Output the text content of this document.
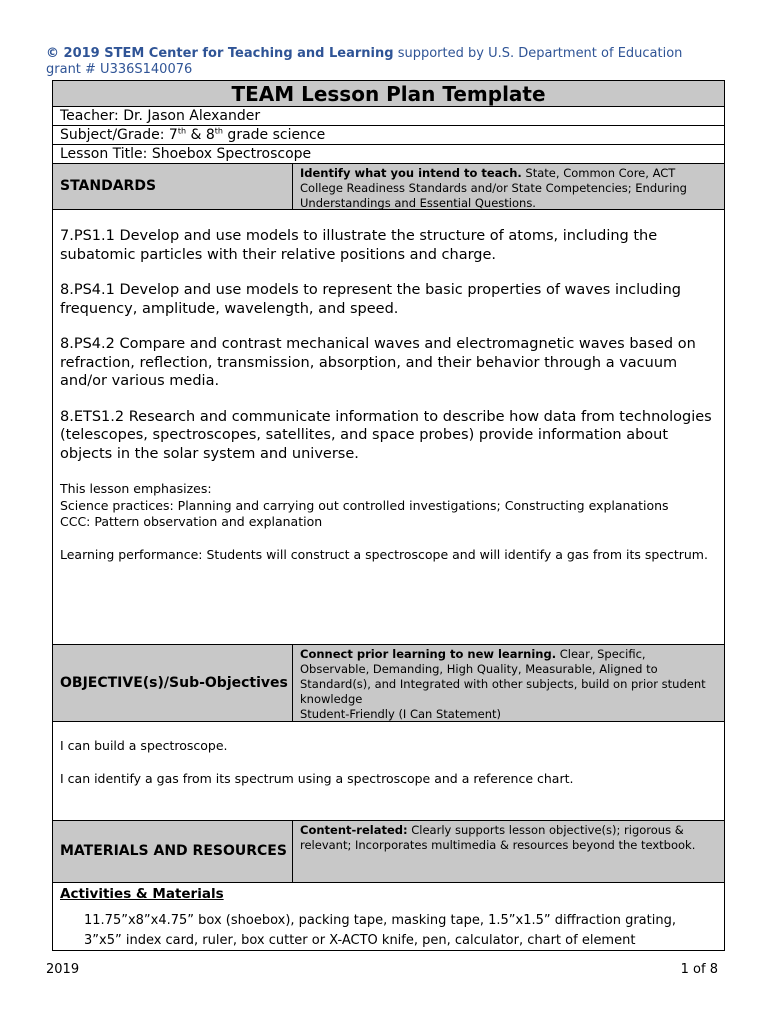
© 2019 STEM Center for Teaching and Learning supported by U.S. Department of Education grant # U336S140076
TEAM Lesson Plan Template
Teacher: Dr. Jason Alexander
Subject/Grade: 7th & 8th grade science
Lesson Title: Shoebox Spectroscope
STANDARDS
Identify what you intend to teach. State, Common Core, ACT College Readiness Standards and/or State Competencies; Enduring Understandings and Essential Questions.

7.PS1.1 Develop and use models to illustrate the structure of atoms, including the subatomic particles with their relative positions and charge.

8.PS4.1 Develop and use models to represent the basic properties of waves including frequency, amplitude, wavelength, and speed.

8.PS4.2 Compare and contrast mechanical waves and electromagnetic waves based on refraction, reflection, transmission, absorption, and their behavior through a vacuum and/or various media.

8.ETS1.2 Research and communicate information to describe how data from technologies (telescopes, spectroscopes, satellites, and space probes) provide information about objects in the solar system and universe.

This lesson emphasizes:

Science practices: Planning and carrying out controlled investigations; Constructing explanations

CCC: Pattern observation and explanation

Learning performance: Students will construct a spectroscope and will identify a gas from its spectrum.

OBJECTIVE(s)/Sub-Objectives
Connect prior learning to new learning. Clear, Specific, Observable, Demanding, High Quality, Measurable, Aligned to Standard(s), and Integrated with other subjects, build on prior student knowledge
Student-Friendly (I Can Statement)

I can build a spectroscope.

I can identify a gas from its spectrum using a spectroscope and a reference chart.

MATERIALS AND RESOURCES
Content-related: Clearly supports lesson objective(s); rigorous & relevant; Incorporates multimedia & resources beyond the textbook.
Activities & Materials
11.75”x8”x4.75” box (shoebox), packing tape, masking tape, 1.5”x1.5” diffraction grating, 3”x5” index card, ruler, box cutter or X-ACTO knife, pen, calculator, chart of element
2019	1 of 8
